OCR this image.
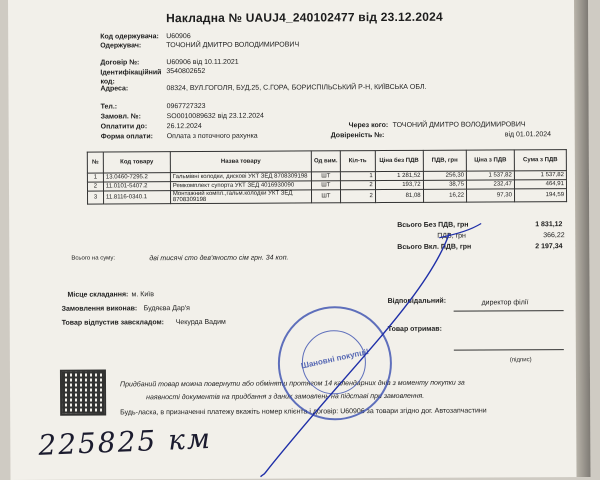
Накладна № UAUJ4_240102477 від 23.12.2024
Код одержувача: U60906
Одержувач:	ТОЧОНИЙ ДМИТРО ВОЛОДИМИРОВИЧ
Договір №:	U60906 від 10.11.2021
Ідентифікаційний код:
3540802652
Адреса:	08324, ВУЛ.ГОГОЛЯ, БУД.25, С.ГОРА, БОРИСПІЛЬСЬКИЙ Р-Н, КИЇВСЬКА ОБЛ.
Тел.:	0967727323
Замовл. №:	SO0010089632 від 23.12.2024
Оплатити до:	26.12.2024
Форма оплати: Оплата з поточного рахунка
Через кого: ТОЧОНИЙ ДМИТРО ВОЛОДИМИРОВИЧ
Довіреність №:	від 01.01.2024
№	Код товару	Назва товару	Од вим.	Кіл-ть	Ціна без ПДВ	ПДВ, грн	Ціна з ПДВ	Сума з ПДВ
1	13.0460-7295.2	Гальмівні колодки, дискові УКТ ЗЕД 8708309198	ШТ	1	1 281,52	256,30	1 537,82	1 537,82
2	11.0101-5407.2	Ремкомплект супорта УКТ ЗЕД 4016930090	ШТ	2	193,72	38,75	232,47	464,91
3	11.8116-0340.1	Монтажний компл.,гальм.колодки УКТ ЗЕД 8708309198	ШТ	2	81,08	16,22	97,30	194,59
Всього Без ПДВ, грн	1 831,12
ПДВ, грн	366,22
Всього Вкл. ПДВ, грн	2 197,34
Всього на суму:	дві тисячі сто дев'яносто сім грн. 34 коп.
Місце складання: м. Київ
Замовлення виконав: Будяєва Дар'я
Товар відпустив завскладом: Чекурда Вадим
Відповідальний:	директор філії
Товар отримав:
(підпис)
Придбаний товар можна повернути або обміняти протягом 14 календарних днів з моменту покупки за
наявності документів на придбання з даних замовлень на підставі при замовлення.
Будь-ласка, в призначенні платежу вкажіть номер клієнта і договір: U60906 за товари згідно дог. Автозапчастини
Шановні покупці!
225825 км
